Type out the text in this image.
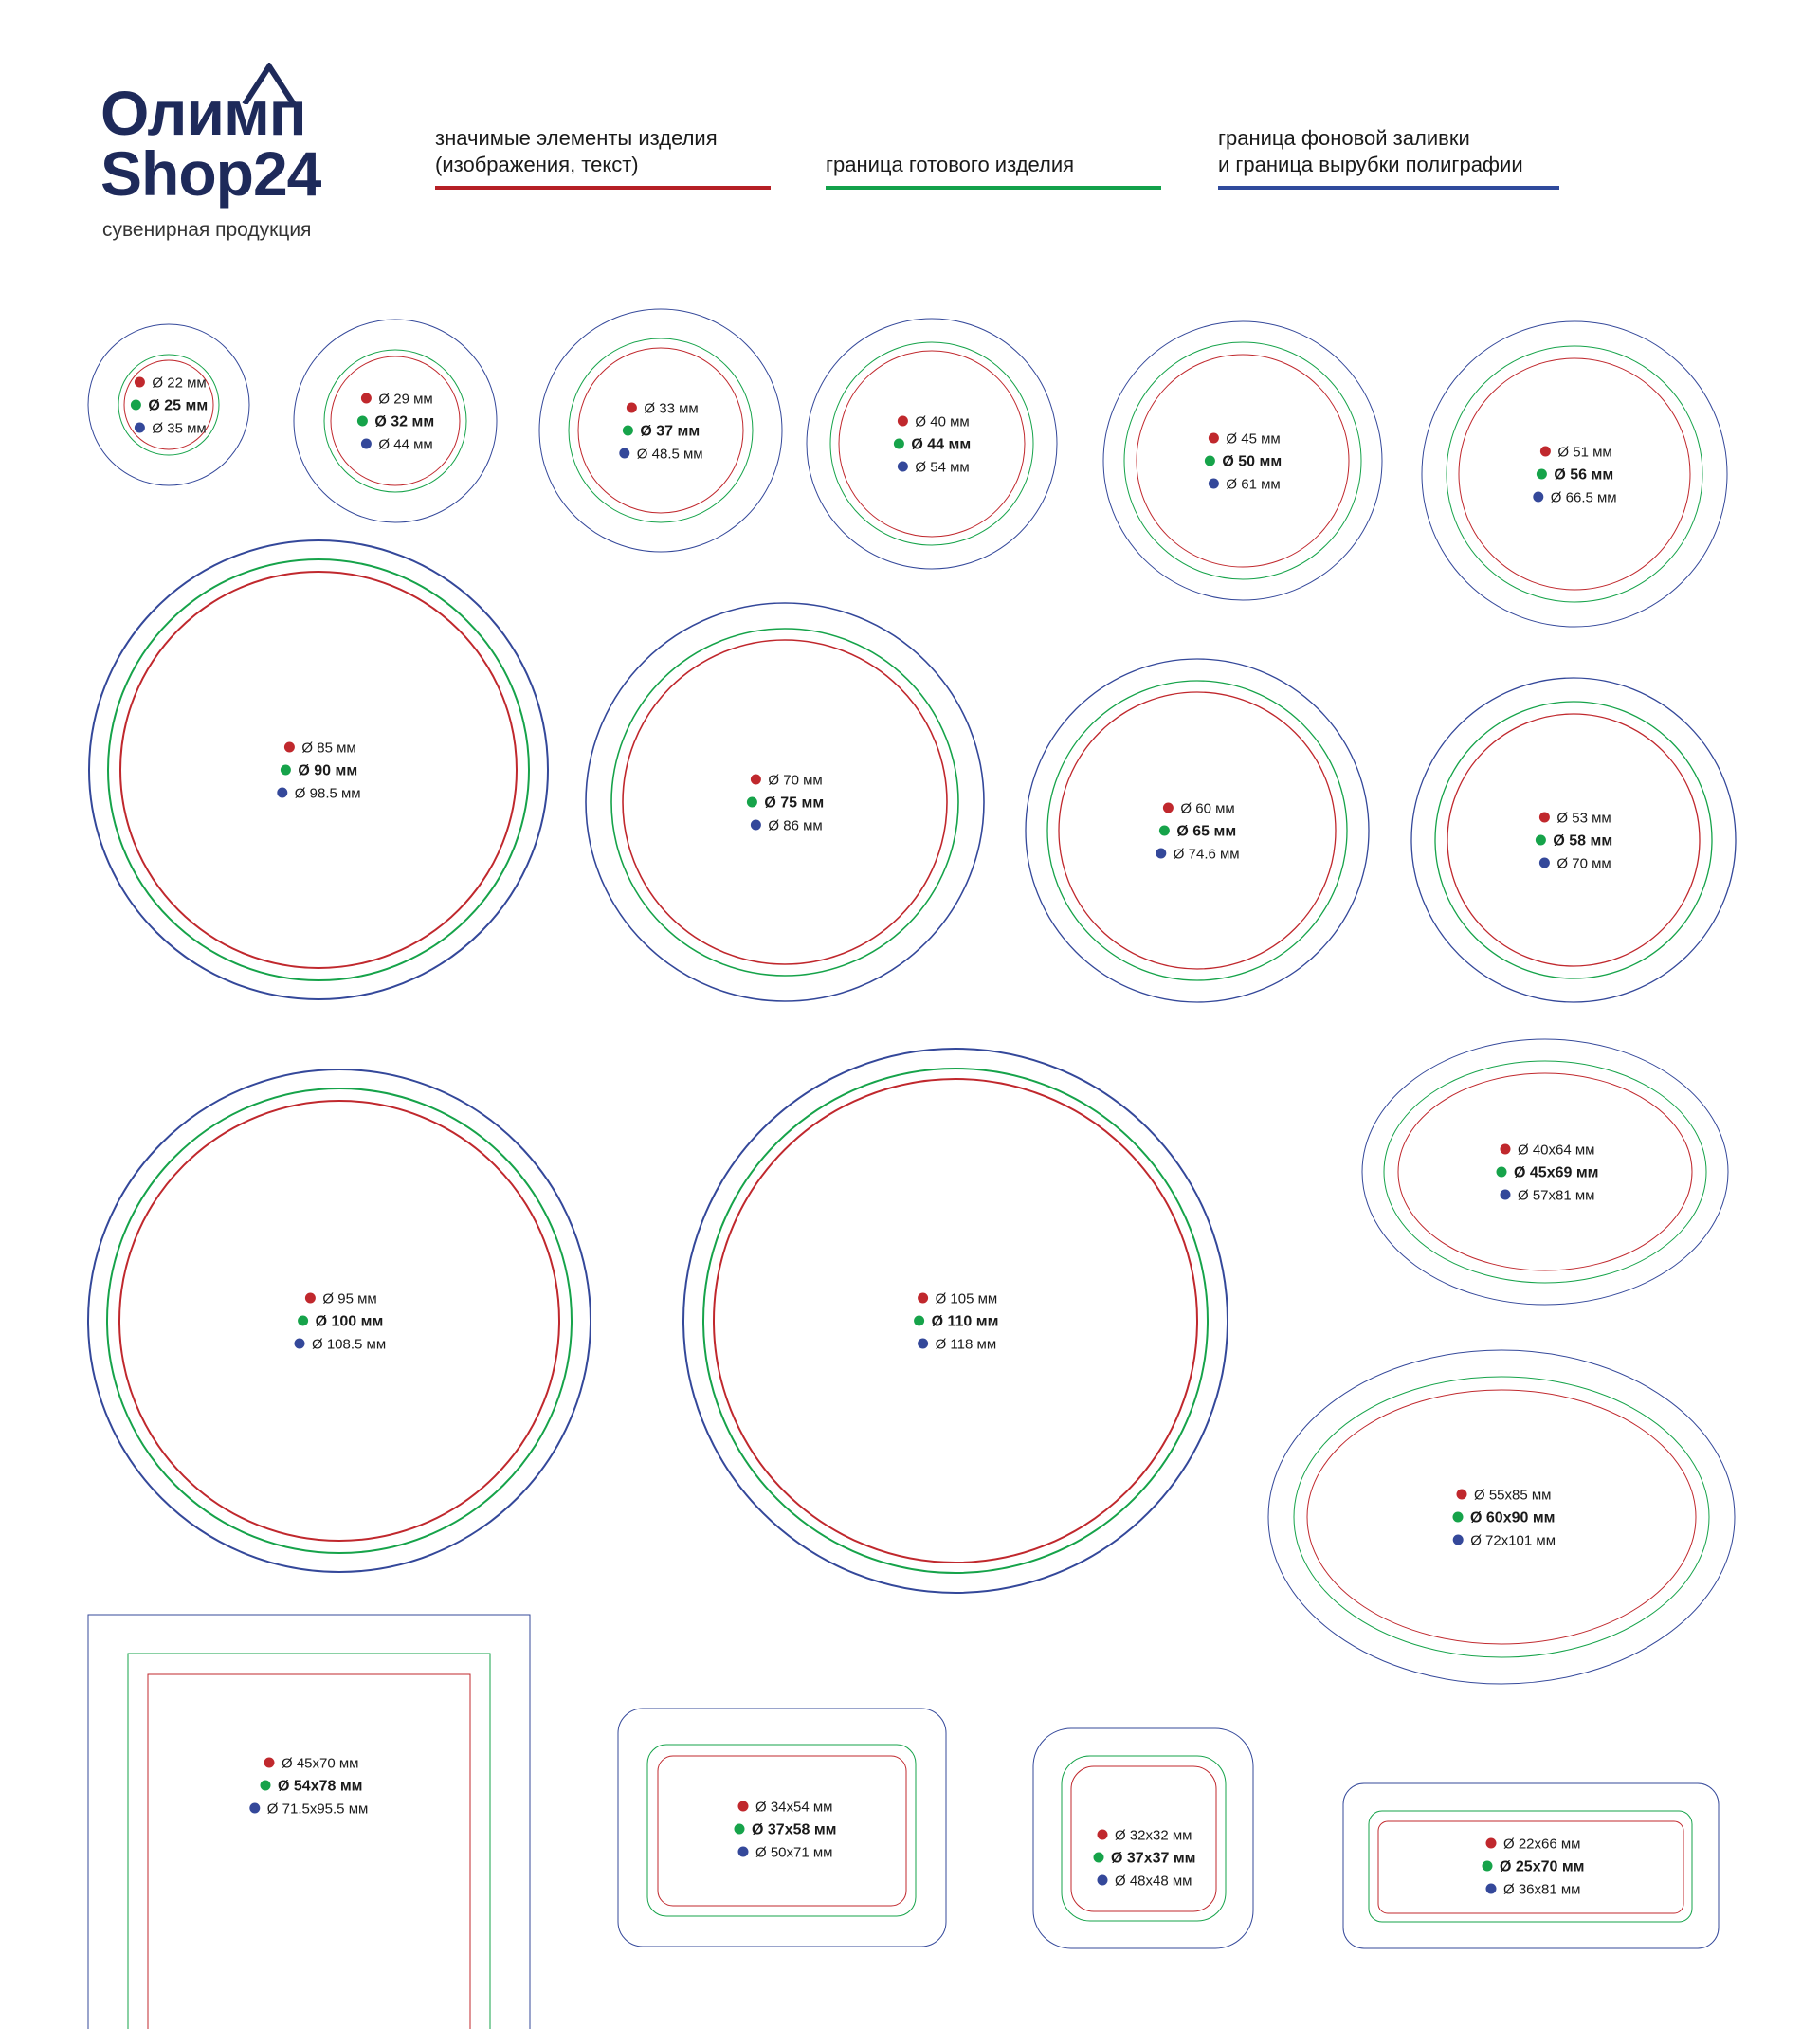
Олимп
Shop24
сувенирная продукция
значимые элементы изделия
(изображения, текст)	граница готового изделия
граница фоновой заливки
и граница вырубки полиграфии
Ø 22 мм
Ø 25 мм
Ø 35 мм
Ø 29 мм
Ø 32 мм
Ø 44 мм
Ø 33 мм
Ø 37 мм
Ø 48.5 мм
Ø 40 мм
Ø 44 мм
Ø 54 мм
Ø 45 мм
Ø 50 мм
Ø 61 мм
Ø 51 мм
Ø 56 мм
Ø 66.5 мм
Ø 85 мм
Ø 90 мм
Ø 98.5 мм
Ø 70 мм
Ø 75 мм
Ø 86 мм
Ø 60 мм
Ø 65 мм
Ø 74.6 мм
Ø 53 мм
Ø 58 мм
Ø 70 мм
Ø 95 мм
Ø 100 мм
Ø 108.5 мм
Ø 105 мм
Ø 110 мм
Ø 118 мм
Ø 40x64 мм
Ø 45x69 мм
Ø 57x81 мм
Ø 55x85 мм
Ø 60x90 мм
Ø 72x101 мм
Ø 45x70 мм
Ø 54x78 мм
Ø 71.5x95.5 мм	Ø 34x54 мм
Ø 37x58 мм
Ø 50x71 мм
Ø 32x32 мм
Ø 37x37 мм
Ø 48x48 мм
Ø 22x66 мм
Ø 25x70 мм
Ø 36x81 мм
